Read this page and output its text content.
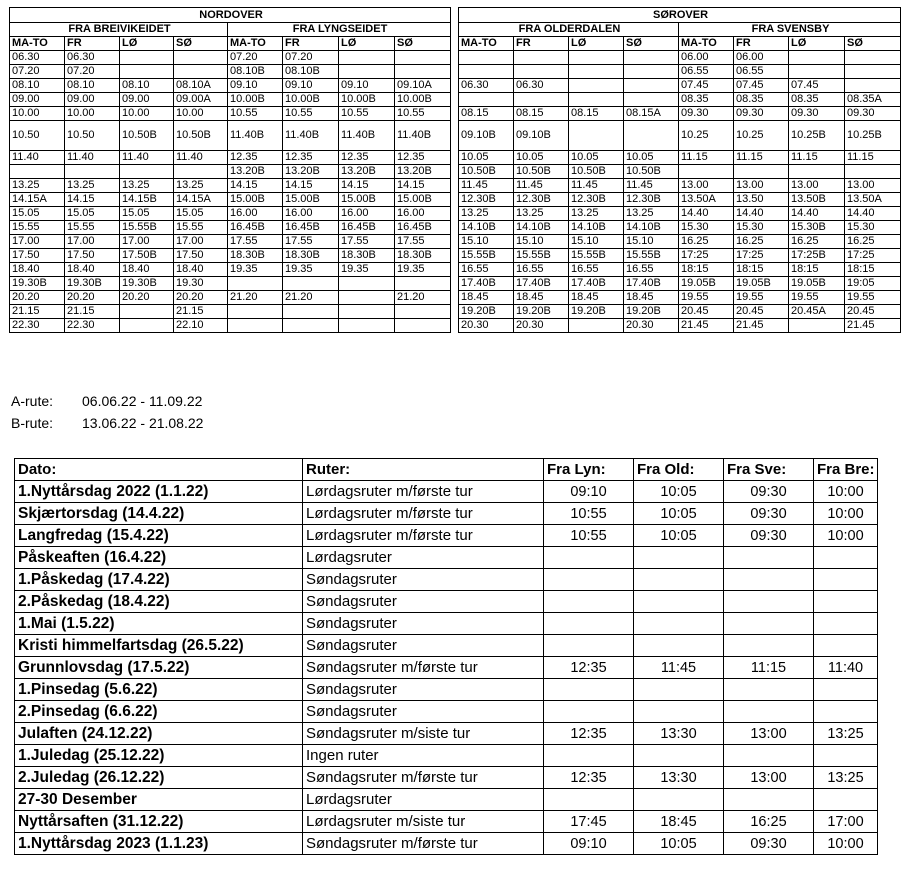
NORDOVER							
FRA BREIVIKEIDET				FRA LYNGSEIDET			
MA-TO	FR	LØ	SØ	MA-TO	FR	LØ	SØ
06.30	06.30			07.20	07.20		
07.20	07.20			08.10B	08.10B		
08.10	08.10	08.10	08.10A	09.10	09.10	09.10	09.10A
09.00	09.00	09.00	09.00A	10.00B	10.00B	10.00B	10.00B
10.00	10.00	10.00	10.00	10.55	10.55	10.55	10.55
10.50	10.50	10.50B	10.50B	11.40B	11.40B	11.40B	11.40B
11.40	11.40	11.40	11.40	12.35	12.35	12.35	12.35
				13.20B	13.20B	13.20B	13.20B
13.25	13.25	13.25	13.25	14.15	14.15	14.15	14.15
14.15A	14.15	14.15B	14.15A	15.00B	15.00B	15.00B	15.00B
15.05	15.05	15.05	15.05	16.00	16.00	16.00	16.00
15.55	15.55	15.55B	15.55	16.45B	16.45B	16.45B	16.45B
17.00	17.00	17.00	17.00	17.55	17.55	17.55	17.55
17.50	17.50	17.50B	17.50	18.30B	18.30B	18.30B	18.30B
18.40	18.40	18.40	18.40	19.35	19.35	19.35	19.35
19.30B	19.30B	19.30B	19.30				
20.20	20.20	20.20	20.20	21.20	21.20		21.20
21.15	21.15		21.15				
22.30	22.30		22.10				
SØROVER							
FRA OLDERDALEN				FRA SVENSBY			
MA-TO	FR	LØ	SØ	MA-TO	FR	LØ	SØ
				06.00	06.00		
				06.55	06.55		
06.30	06.30			07.45	07.45	07.45	
				08.35	08.35	08.35	08.35A
08.15	08.15	08.15	08.15A	09.30	09.30	09.30	09.30
09.10B	09.10B			10.25	10.25	10.25B	10.25B
10.05	10.05	10.05	10.05	11.15	11.15	11.15	11.15
10.50B	10.50B	10.50B	10.50B				
11.45	11.45	11.45	11.45	13.00	13.00	13.00	13.00
12.30B	12.30B	12.30B	12.30B	13.50A	13.50	13.50B	13.50A
13.25	13.25	13.25	13.25	14.40	14.40	14.40	14.40
14.10B	14.10B	14.10B	14.10B	15.30	15.30	15.30B	15.30
15.10	15.10	15.10	15.10	16.25	16.25	16.25	16.25
15.55B	15.55B	15.55B	15.55B	17:25	17:25	17:25B	17:25
16.55	16.55	16.55	16.55	18:15	18:15	18:15	18:15
17.40B	17.40B	17.40B	17.40B	19.05B	19.05B	19.05B	19:05
18.45	18.45	18.45	18.45	19.55	19.55	19.55	19.55
19.20B	19.20B	19.20B	19.20B	20.45	20.45	20.45A	20.45
20.30	20.30		20.30	21.45	21.45		21.45
A-rute: 06.06.22 - 11.09.22
B-rute: 13.06.22 - 21.08.22
Dato:	Ruter:	Fra Lyn:	Fra Old:	Fra Sve:	Fra Bre:
1.Nyttårsdag 2022 (1.1.22)	Lørdagsruter m/første tur	09:10	10:05	09:30	10:00
Skjærtorsdag (14.4.22)	Lørdagsruter m/første tur	10:55	10:05	09:30	10:00
Langfredag (15.4.22)	Lørdagsruter m/første tur	10:55	10:05	09:30	10:00
Påskeaften (16.4.22)	Lørdagsruter				
1.Påskedag (17.4.22)	Søndagsruter				
2.Påskedag (18.4.22)	Søndagsruter				
1.Mai (1.5.22)	Søndagsruter				
Kristi himmelfartsdag (26.5.22)	Søndagsruter				
Grunnlovsdag (17.5.22)	Søndagsruter m/første tur	12:35	11:45	11:15	11:40
1.Pinsedag (5.6.22)	Søndagsruter				
2.Pinsedag (6.6.22)	Søndagsruter				
Julaften (24.12.22)	Søndagsruter m/siste tur	12:35	13:30	13:00	13:25
1.Juledag (25.12.22)	Ingen ruter				
2.Juledag (26.12.22)	Søndagsruter m/første tur	12:35	13:30	13:00	13:25
27-30 Desember	Lørdagsruter				
Nyttårsaften (31.12.22)	Lørdagsruter m/siste tur	17:45	18:45	16:25	17:00
1.Nyttårsdag 2023 (1.1.23)	Søndagsruter m/første tur	09:10	10:05	09:30	10:00
